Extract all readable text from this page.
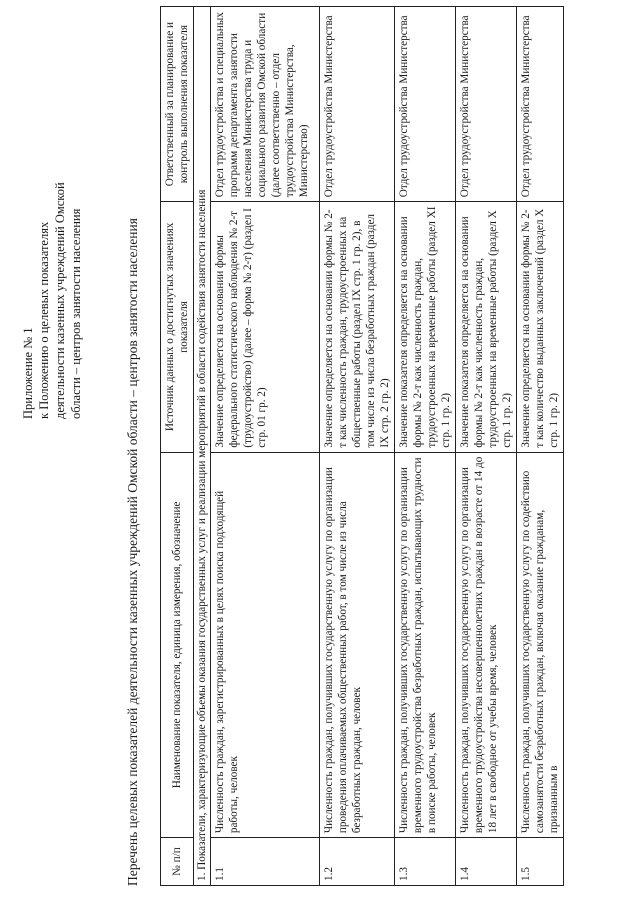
Приложение № 1 к Положению о целевых показателях деятельности казенных учреждений Омской области – центров занятости населения	Перечень целевых показателей деятельности казенных учреждений Омской области – центров занятости населения	№ п/п	Наименование показателя, единица измерения, обозначение	Источник данных о достигнутых значениях показателя	Ответственный за планирование и контроль выполнения показателя
1. Показатели, характеризующие объемы оказания государственных услуг и реализации мероприятий в области содействия занятости населения			
1.1	Численность граждан, зарегистрированных в целях поиска подходящей работы, человек	Значение определяется на основании формы федерального статистического наблюдения № 2-т (трудоустройство) (далее – форма № 2-т) (раздел I стр. 01 гр. 2)	Отдел трудоустройства и специальных программ департамента занятости населения Министерства труда и социального развития Омской области (далее соответственно – отдел трудоустройства Министерства, Министерство)
1.2	Численность граждан, получивших государственную услугу по организации проведения оплачиваемых общественных работ, в том числе из числа безработных граждан, человек	Значение определяется на основании формы № 2-т как численность граждан, трудоустроенных на общественные работы (раздел IX стр. 1 гр. 2), в том числе из числа безработных граждан (раздел IX стр. 2 гр. 2)	Отдел трудоустройства Министерства
1.3	Численность граждан, получивших государственную услугу по организации временного трудоустройства безработных граждан, испытывающих трудности в поиске работы, человек	Значение показателя определяется на основании формы № 2-т как численность граждан, трудоустроенных на временные работы (раздел XI стр. 1 гр. 2)	Отдел трудоустройства Министерства
1.4	Численность граждан, получивших государственную услугу по организации временного трудоустройства несовершеннолетних граждан в возрасте от 14 до 18 лет в свободное от учебы время, человек	Значение показателя определяется на основании формы № 2-т как численность граждан, трудоустроенных на временные работы (раздел X стр. 1 гр. 2)	Отдел трудоустройства Министерства
1.5	Численность граждан, получивших государственную услугу по содействию самозанятости безработных граждан, включая оказание гражданам, признанным в	Значение определяется на основании формы № 2-т как количество выданных заключений (раздел X стр. 1 гр. 2)	Отдел трудоустройства Министерства
